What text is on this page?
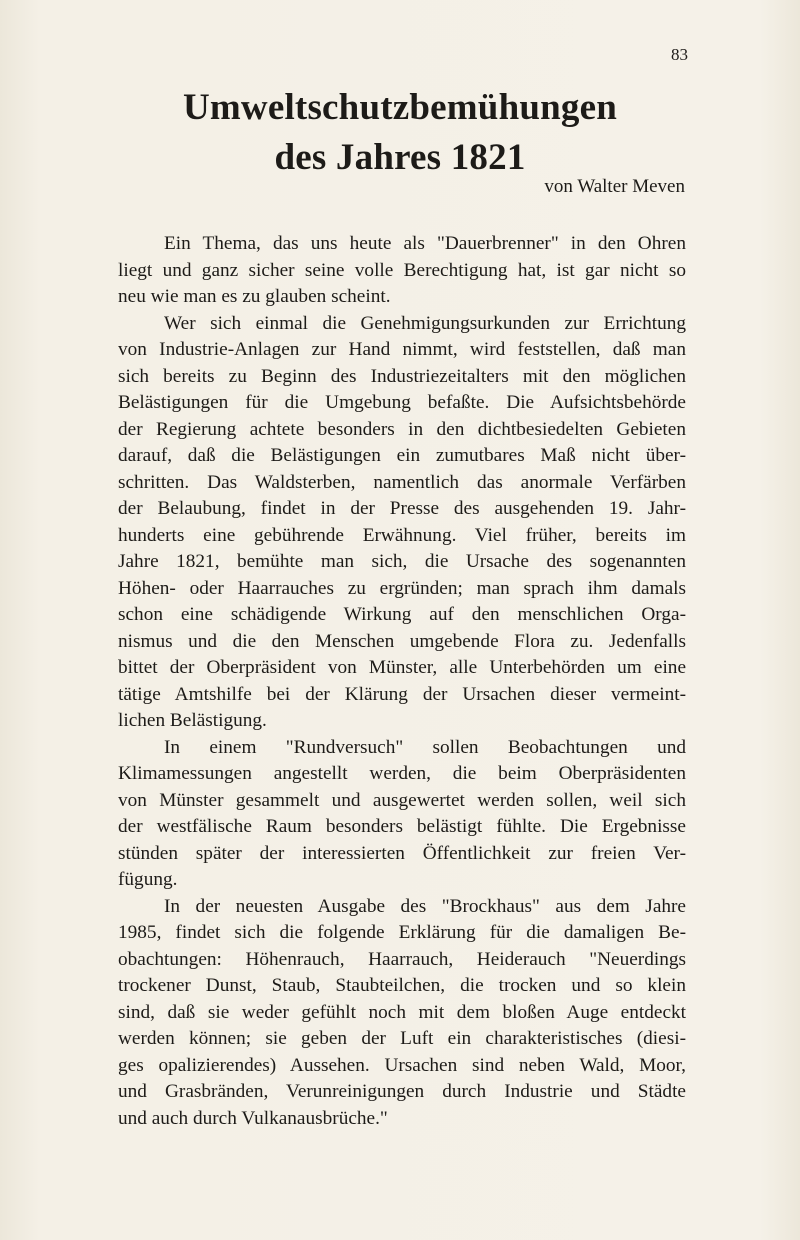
83
Umweltschutzbemühungen
des Jahres 1821
von Walter Meven
Ein Thema, das uns heute als "Dauerbrenner" in den Ohren
liegt und ganz sicher seine volle Berechtigung hat, ist gar nicht so
neu wie man es zu glauben scheint.
Wer sich einmal die Genehmigungsurkunden zur Errichtung
von Industrie-Anlagen zur Hand nimmt, wird feststellen, daß man
sich bereits zu Beginn des Industriezeitalters mit den möglichen
Belästigungen für die Umgebung befaßte. Die Aufsichtsbehörde
der Regierung achtete besonders in den dichtbesiedelten Gebieten
darauf, daß die Belästigungen ein zumutbares Maß nicht über-
schritten. Das Waldsterben, namentlich das anormale Verfärben
der Belaubung, findet in der Presse des ausgehenden 19. Jahr-
hunderts eine gebührende Erwähnung. Viel früher, bereits im
Jahre 1821, bemühte man sich, die Ursache des sogenannten
Höhen- oder Haarrauches zu ergründen; man sprach ihm damals
schon eine schädigende Wirkung auf den menschlichen Orga-
nismus und die den Menschen umgebende Flora zu. Jedenfalls
bittet der Oberpräsident von Münster, alle Unterbehörden um eine
tätige Amtshilfe bei der Klärung der Ursachen dieser vermeint-
lichen Belästigung.
In einem "Rundversuch" sollen Beobachtungen und
Klimamessungen angestellt werden, die beim Oberpräsidenten
von Münster gesammelt und ausgewertet werden sollen, weil sich
der westfälische Raum besonders belästigt fühlte. Die Ergebnisse
stünden später der interessierten Öffentlichkeit zur freien Ver-
fügung.
In der neuesten Ausgabe des "Brockhaus" aus dem Jahre
1985, findet sich die folgende Erklärung für die damaligen Be-
obachtungen: Höhenrauch, Haarrauch, Heiderauch "Neuerdings
trockener Dunst, Staub, Staubteilchen, die trocken und so klein
sind, daß sie weder gefühlt noch mit dem bloßen Auge entdeckt
werden können; sie geben der Luft ein charakteristisches (diesi-
ges opalizierendes) Aussehen. Ursachen sind neben Wald, Moor,
und Grasbränden, Verunreinigungen durch Industrie und Städte
und auch durch Vulkanausbrüche."
